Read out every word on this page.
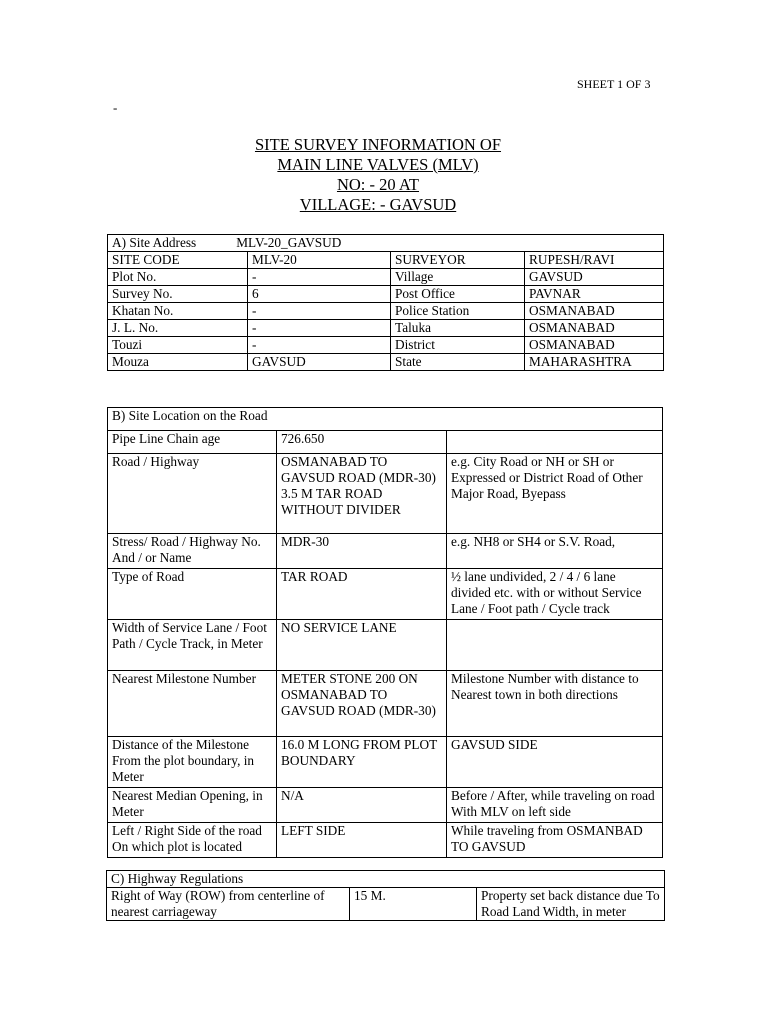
SHEET 1 OF 3
-
SITE SURVEY INFORMATION OF
MAIN LINE VALVES (MLV)
NO: - 20 AT
VILLAGE: - GAVSUD
A) Site Address MLV-20_GAVSUD			
SITE CODE	MLV-20	SURVEYOR	RUPESH/RAVI
Plot No.	-	Village	GAVSUD
Survey No.	6	Post Office	PAVNAR
Khatan No.	-	Police Station	OSMANABAD
J. L. No.	-	Taluka	OSMANABAD
Touzi	-	District	OSMANABAD
Mouza	GAVSUD	State	MAHARASHTRA
B) Site Location on the Road		
Pipe Line Chain age	726.650	
Road / Highway	OSMANABAD TO GAVSUD ROAD (MDR-30) 3.5 M TAR ROAD WITHOUT DIVIDER	e.g. City Road or NH or SH or Expressed or District Road of Other Major Road, Byepass
Stress/ Road / Highway No. And / or Name	MDR-30	e.g. NH8 or SH4 or S.V. Road,
Type of Road	TAR ROAD	½ lane undivided, 2 / 4 / 6 lane divided etc. with or without Service Lane / Foot path / Cycle track
Width of Service Lane / Foot Path / Cycle Track, in Meter	NO SERVICE LANE	
Nearest Milestone Number	METER STONE 200 ON OSMANABAD TO GAVSUD ROAD (MDR-30)	Milestone Number with distance to Nearest town in both directions
Distance of the Milestone From the plot boundary, in Meter	16.0 M LONG FROM PLOT BOUNDARY	GAVSUD SIDE
Nearest Median Opening, in Meter	N/A	Before / After, while traveling on road With MLV on left side
Left / Right Side of the road On which plot is located	LEFT SIDE	While traveling from OSMANBAD TO GAVSUD
C) Highway Regulations
Right of Way (ROW) from centerline of nearest carriageway	15 M.	Property set back distance due To Road Land Width, in meter
